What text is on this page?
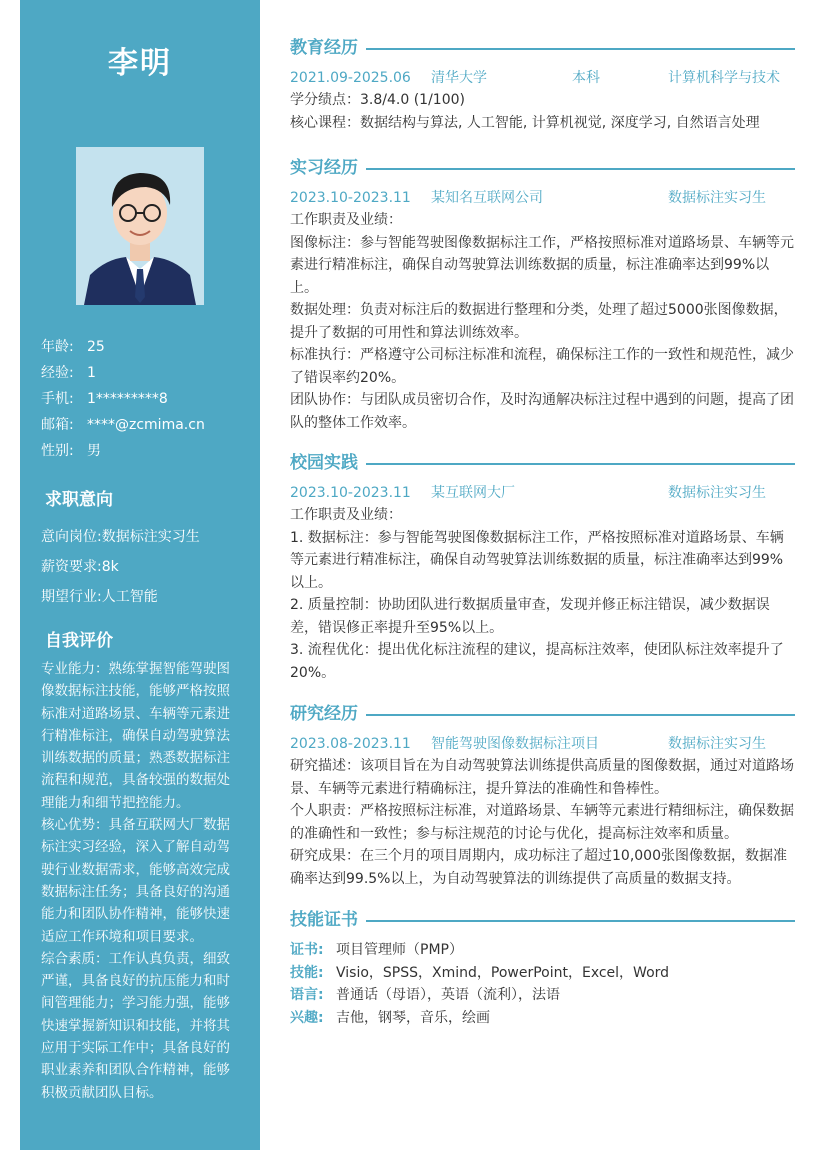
李明
年龄: 25
经验: 1
手机: 1*********8
邮箱: ****@zcmima.cn
性别: 男
求职意向
意向岗位:数据标注实习生
薪资要求:8k
期望行业:人工智能
自我评价
专业能力：熟练掌握智能驾驶图像数据标注技能，能够严格按照标准对道路场景、车辆等元素进行精准标注，确保自动驾驶算法训练数据的质量；熟悉数据标注流程和规范，具备较强的数据处理能力和细节把控能力。
核心优势：具备互联网大厂数据标注实习经验，深入了解自动驾驶行业数据需求，能够高效完成数据标注任务；具备良好的沟通能力和团队协作精神，能够快速适应工作环境和项目要求。
综合素质：工作认真负责，细致严谨，具备良好的抗压能力和时间管理能力；学习能力强，能够快速掌握新知识和技能，并将其应用于实际工作中；具备良好的职业素养和团队合作精神，能够积极贡献团队目标。
教育经历
2021.09-2025.06 清华大学	本科	计算机科学与技术

学分绩点：3.8/4.0 (1/100)

核心课程：数据结构与算法, 人工智能, 计算机视觉, 深度学习, 自然语言处理

实习经历
2023.10-2023.11 某知名互联网公司	数据标注实习生

工作职责及业绩：

图像标注：参与智能驾驶图像数据标注工作，严格按照标准对道路场景、车辆等元素进行精准标注，确保自动驾驶算法训练数据的质量，标注准确率达到99%以上。

数据处理：负责对标注后的数据进行整理和分类，处理了超过5000张图像数据，提升了数据的可用性和算法训练效率。

标准执行：严格遵守公司标注标准和流程，确保标注工作的一致性和规范性，减少了错误率约20%。

团队协作：与团队成员密切合作，及时沟通解决标注过程中遇到的问题，提高了团队的整体工作效率。

校园实践
2023.10-2023.11 某互联网大厂	数据标注实习生

工作职责及业绩：

1. 数据标注：参与智能驾驶图像数据标注工作，严格按照标准对道路场景、车辆等元素进行精准标注，确保自动驾驶算法训练数据的质量，标注准确率达到99%以上。

2. 质量控制：协助团队进行数据质量审查，发现并修正标注错误，减少数据误差，错误修正率提升至95%以上。

3. 流程优化：提出优化标注流程的建议，提高标注效率，使团队标注效率提升了20%。

研究经历
2023.08-2023.11 智能驾驶图像数据标注项目	数据标注实习生

研究描述：该项目旨在为自动驾驶算法训练提供高质量的图像数据，通过对道路场景、车辆等元素进行精确标注，提升算法的准确性和鲁棒性。

个人职责：严格按照标注标准，对道路场景、车辆等元素进行精细标注，确保数据的准确性和一致性；参与标注规范的讨论与优化，提高标注效率和质量。

研究成果：在三个月的项目周期内，成功标注了超过10,000张图像数据，数据准确率达到99.5%以上，为自动驾驶算法的训练提供了高质量的数据支持。

技能证书
证书: 项目管理师（PMP）
技能: Visio，SPSS，Xmind，PowerPoint，Excel，Word
语言: 普通话（母语），英语（流利），法语
兴趣: 吉他，钢琴，音乐，绘画
